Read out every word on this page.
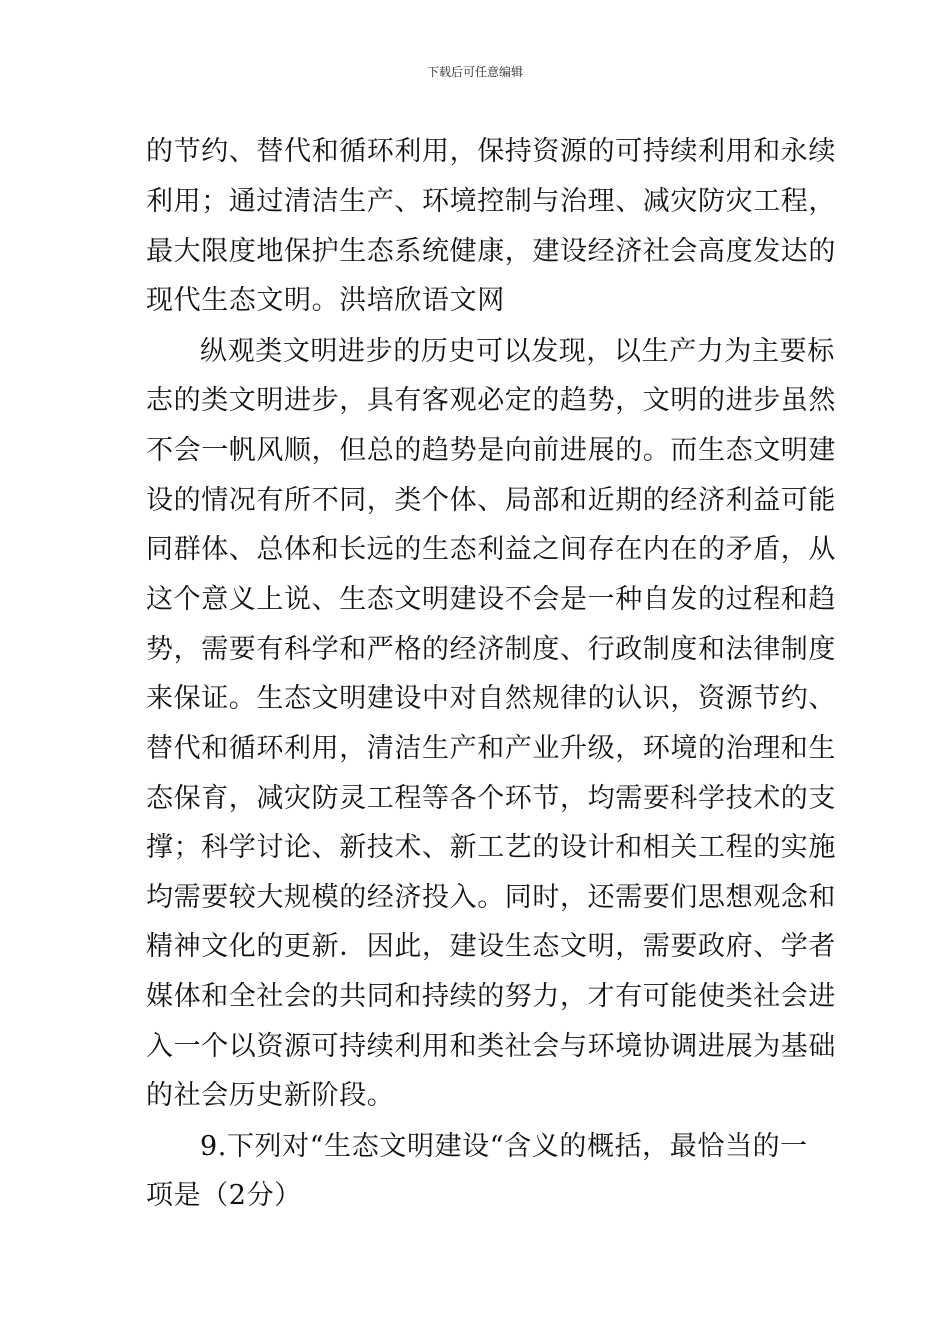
下载后可任意编辑
的节约、替代和循环利用，保持资源的可持续利用和永续
利用；通过清洁生产、环境控制与治理、减灾防灾工程，
最大限度地保护生态系统健康，建设经济社会高度发达的
现代生态文明。洪培欣语文网
纵观类文明进步的历史可以发现，以生产力为主要标
志的类文明进步，具有客观必定的趋势，文明的进步虽然
不会一帆风顺，但总的趋势是向前进展的。而生态文明建
设的情况有所不同，类个体、局部和近期的经济利益可能
同群体、总体和长远的生态利益之间存在内在的矛盾，从
这个意义上说、生态文明建设不会是一种自发的过程和趋
势，需要有科学和严格的经济制度、行政制度和法律制度
来保证。生态文明建设中对自然规律的认识，资源节约、
替代和循环利用，清洁生产和产业升级，环境的治理和生
态保育，减灾防灵工程等各个环节，均需要科学技术的支
撑；科学讨论、新技术、新工艺的设计和相关工程的实施
均需要较大规模的经济投入。同时，还需要们思想观念和
精神文化的更新．因此，建设生态文明，需要政府、学者
媒体和全社会的共同和持续的努力，才有可能使类社会进
入一个以资源可持续利用和类社会与环境协调进展为基础
的社会历史新阶段。
9.下列对“生态文明建设“含义的概括，最恰当的一
项是（2分）
